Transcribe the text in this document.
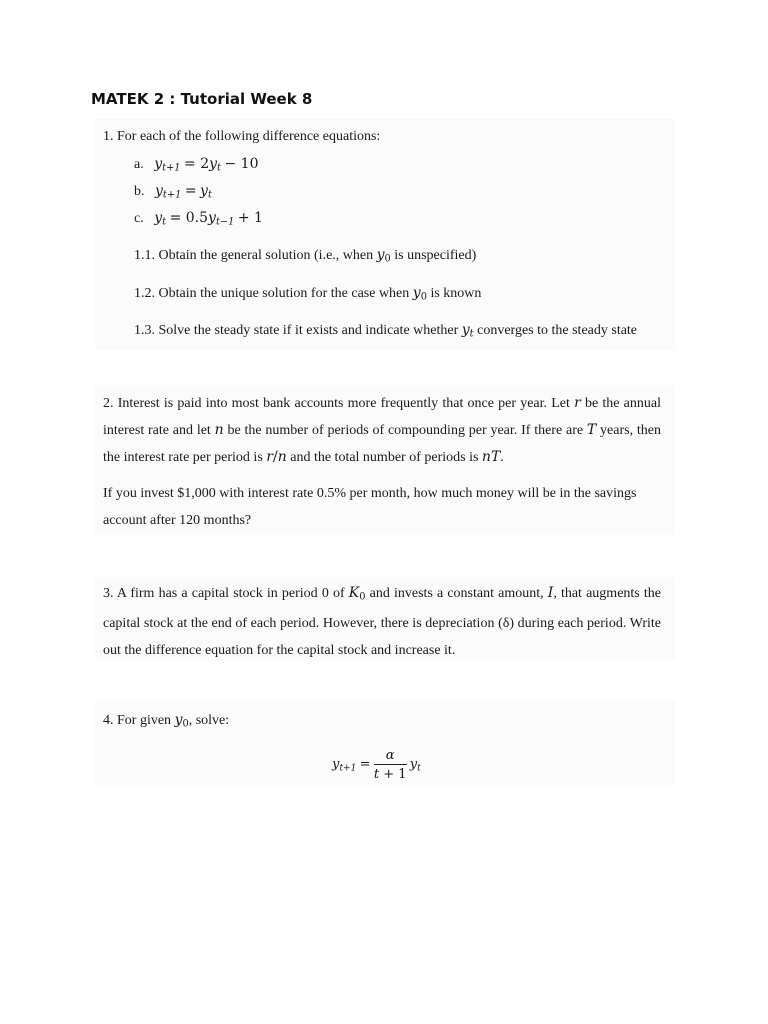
MATEK 2 : Tutorial Week 8
1. For each of the following difference equations:
a. $y_{t+1} = 2y_t - 10$
b. $y_{t+1} = y_t$
c. $y_t = 0.5y_{t-1} + 1$
1.1. Obtain the general solution (i.e., when $y_0$ is unspecified)
1.2. Obtain the unique solution for the case when $y_0$ is known
1.3. Solve the steady state if it exists and indicate whether $y_t$ converges to the steady state
2. Interest is paid into most bank accounts more frequently that once per year. Let r be the annual interest rate and let n be the number of periods of compounding per year. If there are T years, then the interest rate per period is r/n and the total number of periods is nT.
If you invest $1,000 with interest rate 0.5% per month, how much money will be in the savings account after 120 months?
3. A firm has a capital stock in period 0 of $K_0$ and invests a constant amount, I, that augments the capital stock at the end of each period. However, there is depreciation (δ) during each period. Write out the difference equation for the capital stock and increase it.
4. For given $y_0$, solve:
$y_{t+1} = \frac{\alpha}{t + 1} y_t$
